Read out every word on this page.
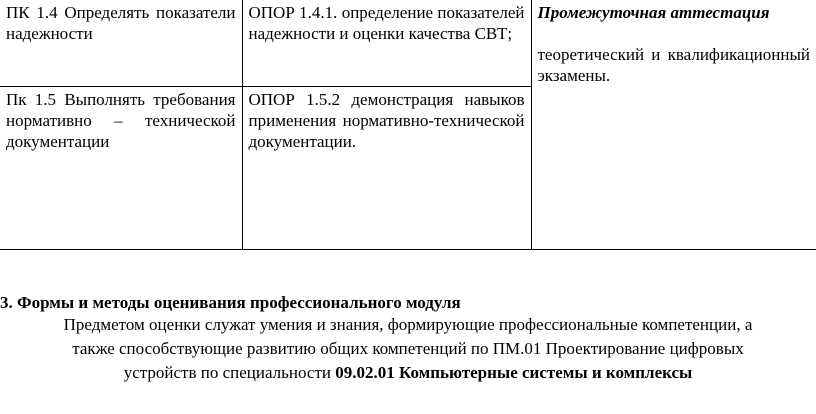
ПК 1.4 Определять показатели надежности	ОПОР 1.4.1. определение показателей надежности и оценки качества СВТ;	Промежуточная аттестация
теоретический и квалификационный экзамены.

Пк 1.5 Выполнять требования нормативно – технической документации	ОПОР 1.5.2 демонстрация навыков применения нормативно-технической документации.	
3. Формы и методы оценивания профессионального модуля
Предметом оценки служат умения и знания, формирующие профессиональные компетенции, а
также способствующие развитию общих компетенций по ПМ.01 Проектирование цифровых
устройств по специальности 09.02.01 Компьютерные системы и комплексы
